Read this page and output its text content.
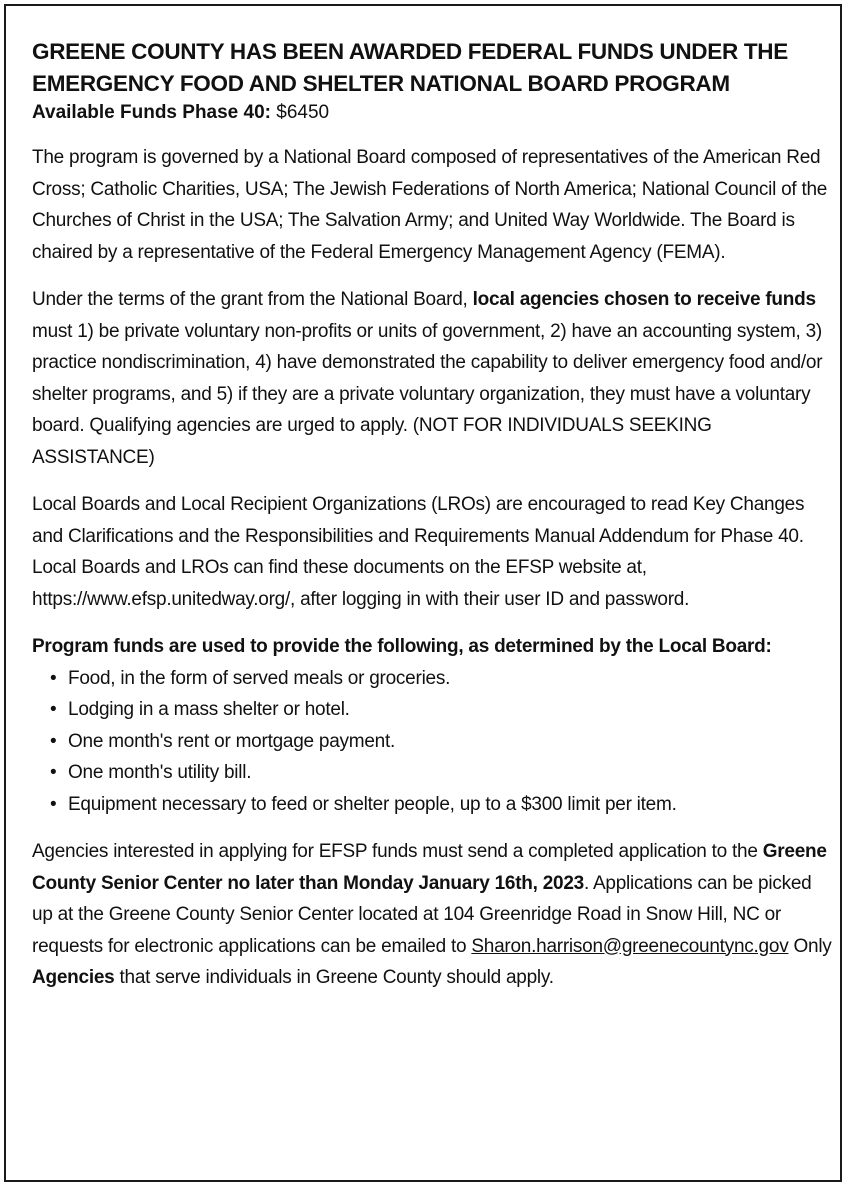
GREENE COUNTY HAS BEEN AWARDED FEDERAL FUNDS UNDER THE
EMERGENCY FOOD AND SHELTER NATIONAL BOARD PROGRAM
Available Funds Phase 40: $6450

The program is governed by a National Board composed of representatives of the American Red Cross; Catholic Charities, USA; The Jewish Federations of North America; National Council of the Churches of Christ in the USA; The Salvation Army; and United Way Worldwide. The Board is chaired by a representative of the Federal Emergency Management Agency (FEMA).

Under the terms of the grant from the National Board, local agencies chosen to receive funds must 1) be private voluntary non-profits or units of government, 2) have an accounting system, 3) practice nondiscrimination, 4) have demonstrated the capability to deliver emergency food and/or shelter programs, and 5) if they are a private voluntary organization, they must have a voluntary board. Qualifying agencies are urged to apply. (NOT FOR INDIVIDUALS SEEKING ASSISTANCE)

Local Boards and Local Recipient Organizations (LROs) are encouraged to read Key Changes and Clarifications and the Responsibilities and Requirements Manual Addendum for Phase 40. Local Boards and LROs can find these documents on the EFSP website at, https://www.efsp.unitedway.org/, after logging in with their user ID and password.

Program funds are used to provide the following, as determined by the Local Board:
• Food, in the form of served meals or groceries.
• Lodging in a mass shelter or hotel.
• One month's rent or mortgage payment.
• One month's utility bill.
• Equipment necessary to feed or shelter people, up to a $300 limit per item.

Agencies interested in applying for EFSP funds must send a completed application to the Greene County Senior Center no later than Monday January 16th, 2023. Applications can be picked up at the Greene County Senior Center located at 104 Greenridge Road in Snow Hill, NC or requests for electronic applications can be emailed to Sharon.harrison@greenecountync.gov Only Agencies that serve individuals in Greene County should apply.
